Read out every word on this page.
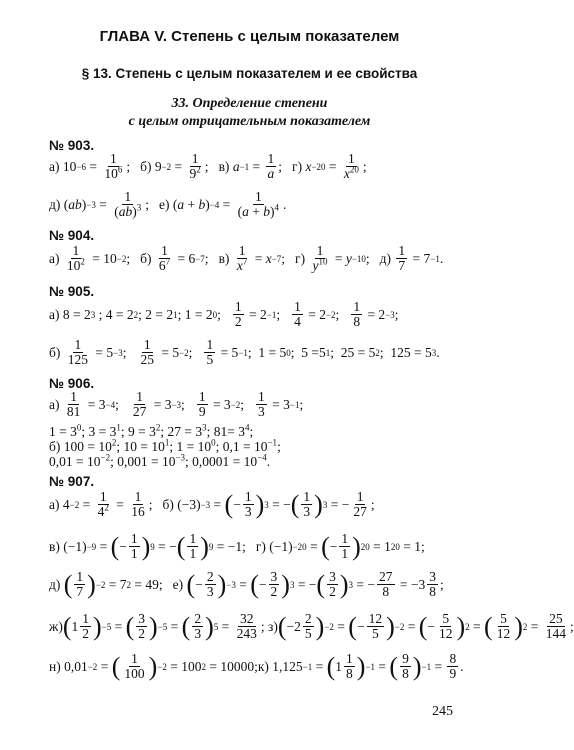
ГЛАВА V. Степень с целым показателем
§ 13. Степень с целым показателем и ее свойства
33. Определение степени
с целым отрицательным показателем
№ 903.
а) 10 −6 =
1
$10^6$ ;
б) 9 −2 =
1
$9^2$ ;
в) a −1 =
1
a ;
г) x −20 =
1
$x^{20}$ ;
д) ( ab ) −3 =
1
(ab)$^3$ ;
е) ( a + b ) −4 =
1
$(a + b)^4$ .
№ 904.
а)
1
$10^2 = 10 -2$ ;
б)
1
$6^7 = 6 -7$ ;
в)
1
$x^7 = x -7$ ;
г)
1
$y^{10} = y -10$ ;
д)
1
7 = 7 −1 .
№ 905.
а) 8 = 2 3 ; 4 = 2 2 ; 2 = 2 1 ; 1 = 2 0 ;
1
2 = 2 −1 ;
1
4 = 2 −2 ;
1
8 = 2 −3 ;
б)
1
125 = 5 −3 ;
1
25 = 5 −2 ;
1
5 = 5 −1 ;  1 = 5 0 ;  5 =5 1 ;  25 = 5 2 ;  125 = 5 3 .
№ 906.
а)
1
81 = 3 −4 ;
1
27 = 3 −3 ;
1
9 = 3 −2 ;
1
3 = 3 −1 ;
$1 = 3^0$; $3 = 3^1$; $9 = 3^2$; $27 = 3^3$; $81= 3^4$;
б) $100 = 10^2$; $10 = 10^1$; $1 = 10^0$; $0,1 = 10^{-1}$;
$0,01 = 10^{-2}$; $0,001 = 10^{-3}$; $0,0001 = 10^{-4}$.
№ 907.
а) 4 −2 =
1
$4^2$ =
1
16 ;
б) (−3) −3 = ( −
1
3 ) 3 = − ( 1
3 ) 3 = −
1
27 ;
в) (−1) −9 = ( −
1
1 ) 9 = − ( 1
1 ) 9 = −1;
г) (−1) −20 = ( −
1
1 ) 20 = 1 20 = 1;
д) ( 1
7 ) −2 = 7 2 = 49;
е) ( −
2
3 ) −3 = ( −
3
2 ) 3 = − ( 3
2 ) 3 = −
27
8 = −3
3
8 ;
ж) ( 1
1
2 ) −5 = ( 3
2 ) −5 = ( 2
3 ) 5 =
32
243 ; з) ( −2
2
5 ) −2 = ( −
12
5 ) −2 = ( −
5
12 ) 2 = ( 5
12 ) 2 =
25
144 ;
н) 0,01 −2 = ( 1
100 ) −2 = 100 2 = 10000;
к) 1,125 −1 = ( 1
1
8 ) −1 = ( 9
8 ) −1 =
8
9 .
245
